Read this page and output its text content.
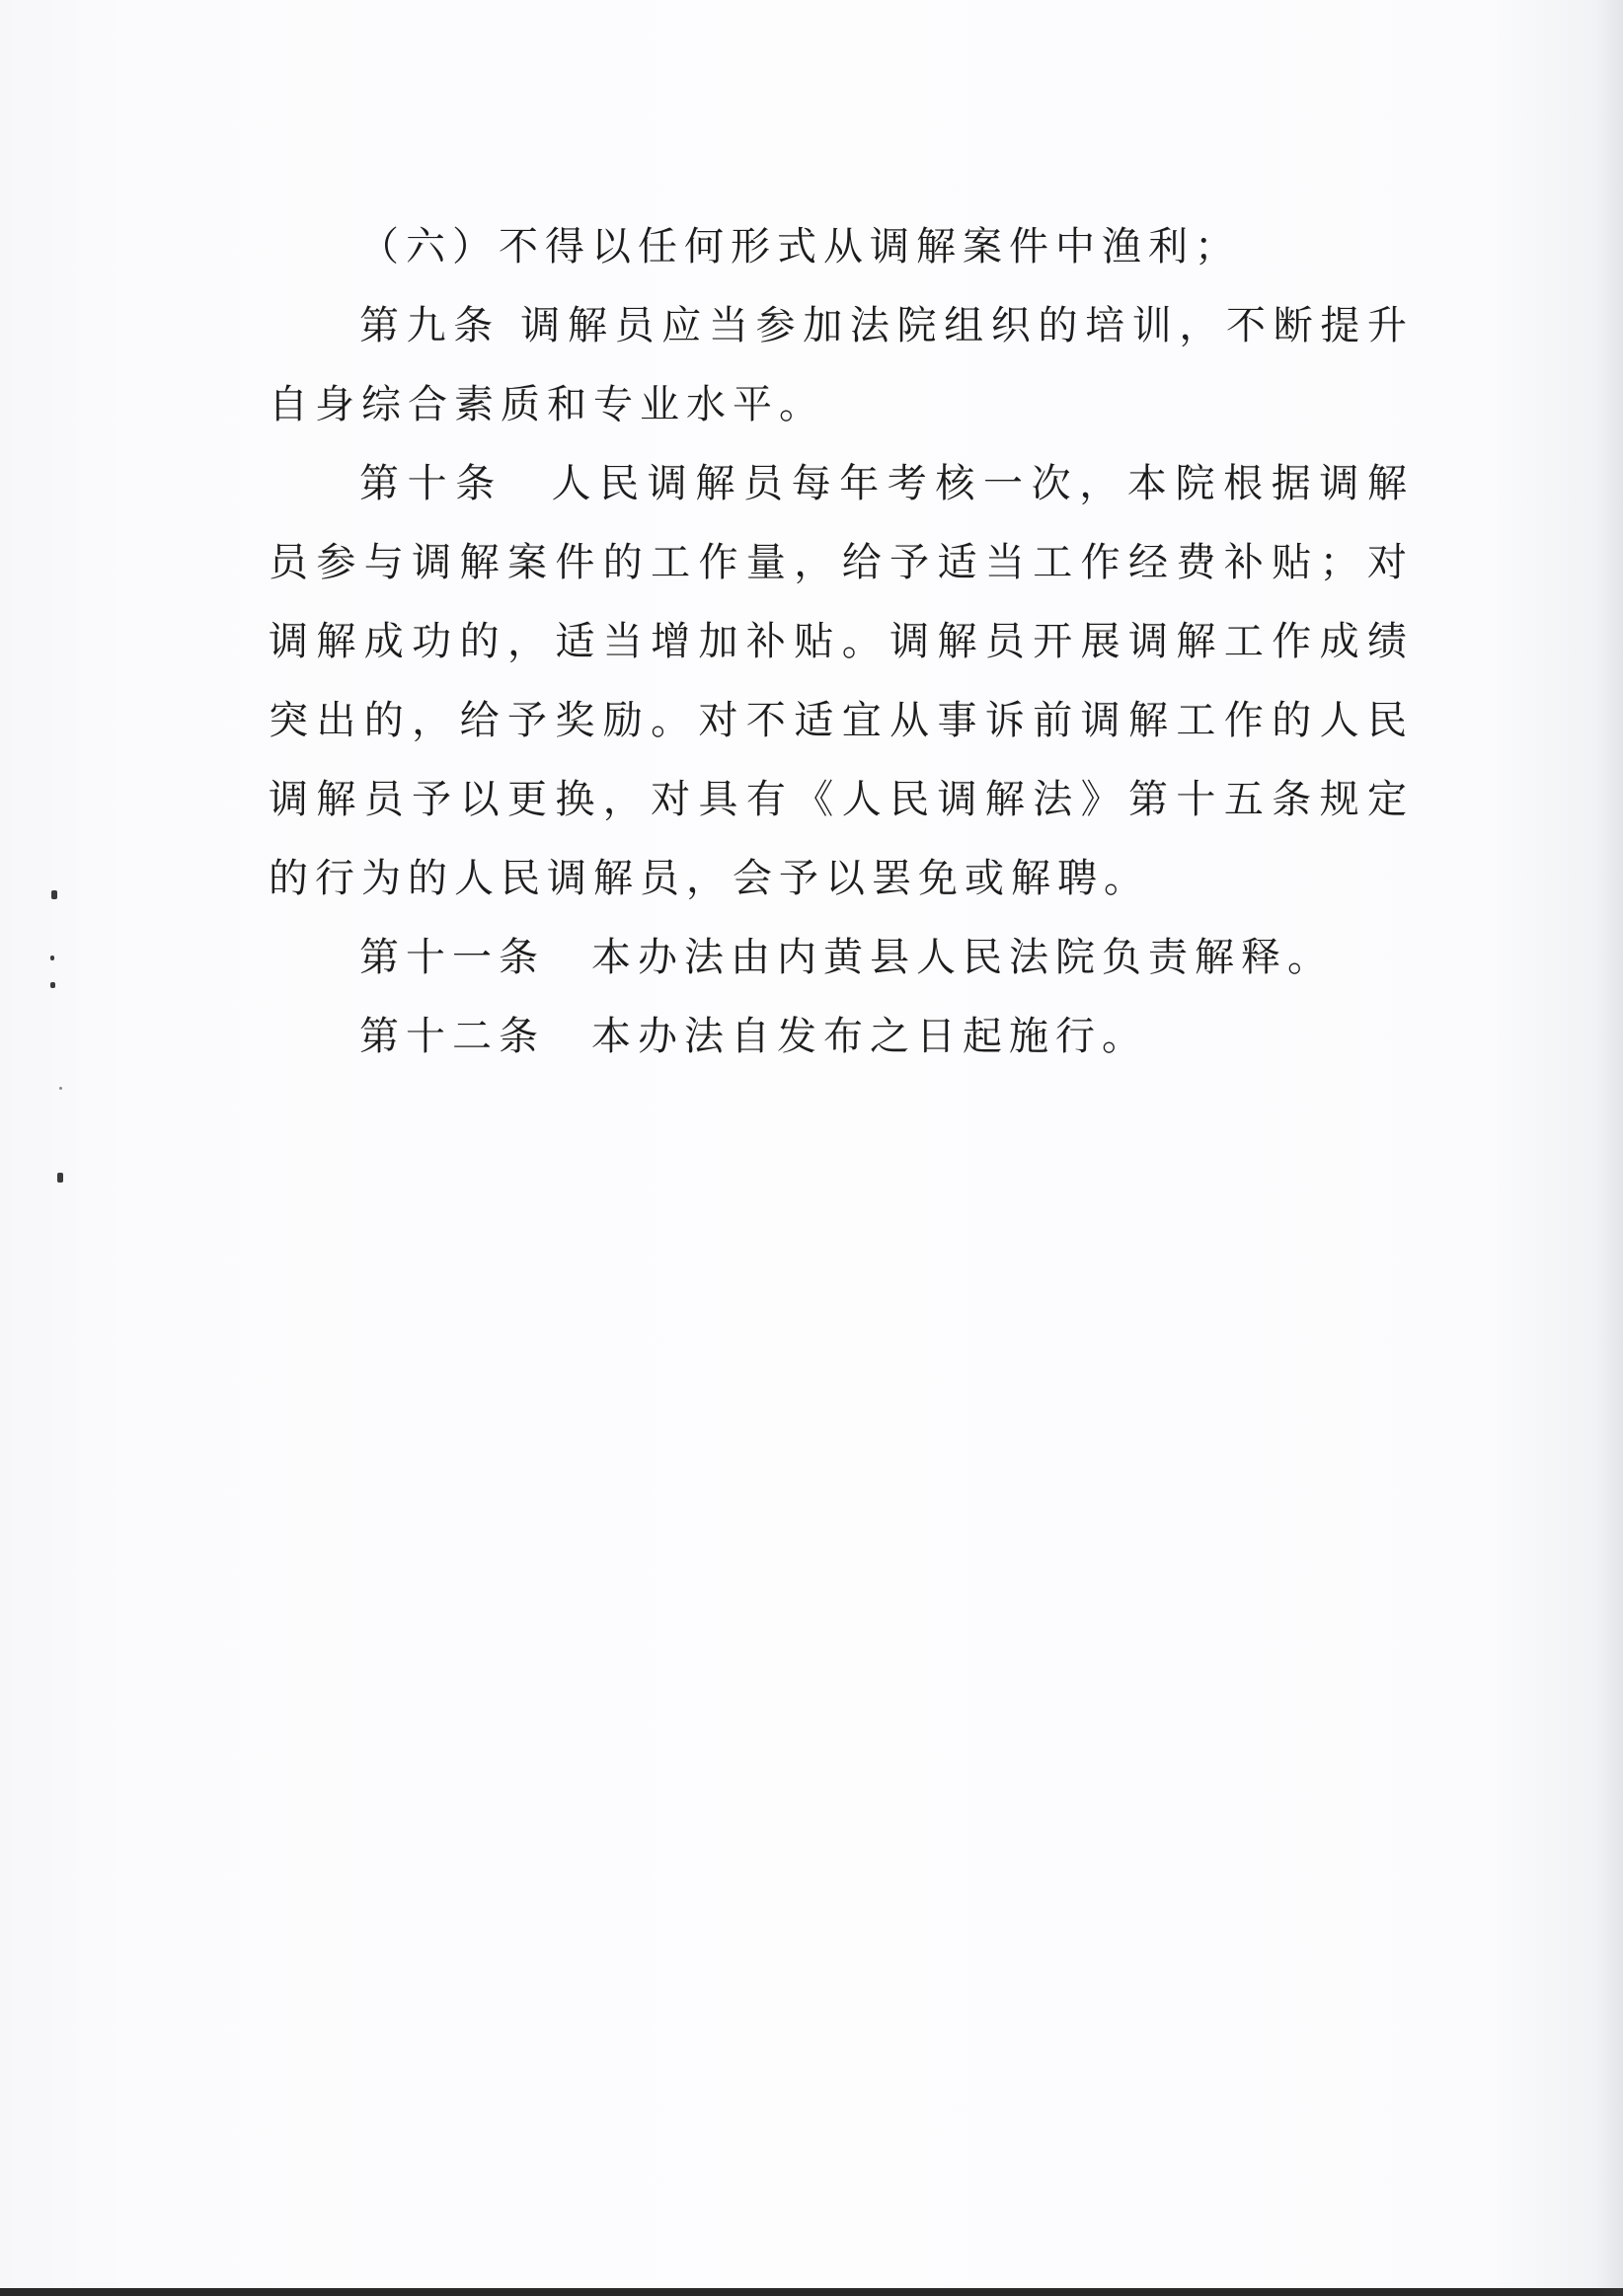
（六）不得以任何形式从调解案件中渔利；

第九条 调解员应当参加法院组织的培训，不断提升自身综合素质和专业水平。

第十条　人民调解员每年考核一次，本院根据调解员参与调解案件的工作量，给予适当工作经费补贴；对调解成功的，适当增加补贴。调解员开展调解工作成绩突出的，给予奖励。对不适宜从事诉前调解工作的人民调解员予以更换，对具有《人民调解法》第十五条规定的行为的人民调解员，会予以罢免或解聘。

第十一条　本办法由内黄县人民法院负责解释。

第十二条　本办法自发布之日起施行。
